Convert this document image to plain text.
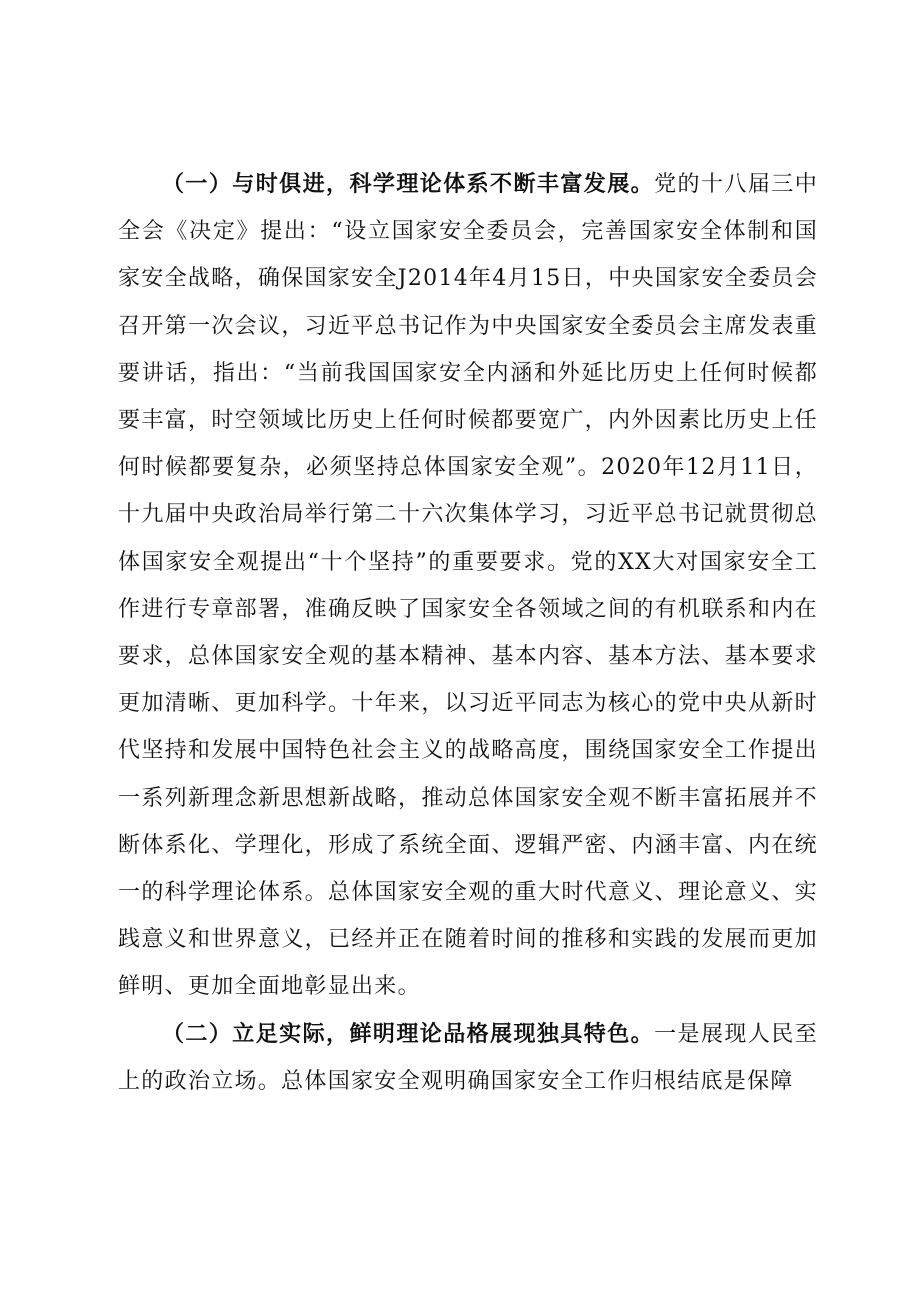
（一）与时俱进，科学理论体系不断丰富发展。党的十八届三中全会《决定》提出：“设立国家安全委员会，完善国家安全体制和国家安全战略，确保国家安全J2014年4月15日，中央国家安全委员会召开第一次会议，习近平总书记作为中央国家安全委员会主席发表重要讲话，指出：“当前我国国家安全内涵和外延比历史上任何时候都要丰富，时空领域比历史上任何时候都要宽广，内外因素比历史上任何时候都要复杂，必须坚持总体国家安全观”。2020年12月11日，十九届中央政治局举行第二十六次集体学习，习近平总书记就贯彻总体国家安全观提出“十个坚持”的重要要求。党的XX大对国家安全工作进行专章部署，准确反映了国家安全各领域之间的有机联系和内在要求，总体国家安全观的基本精神、基本内容、基本方法、基本要求更加清晰、更加科学。十年来，以习近平同志为核心的党中央从新时代坚持和发展中国特色社会主义的战略高度，围绕国家安全工作提出一系列新理念新思想新战略，推动总体国家安全观不断丰富拓展并不断体系化、学理化，形成了系统全面、逻辑严密、内涵丰富、内在统一的科学理论体系。总体国家安全观的重大时代意义、理论意义、实践意义和世界意义，已经并正在随着时间的推移和实践的发展而更加鲜明、更加全面地彰显出来。

（二）立足实际，鲜明理论品格展现独具特色。一是展现人民至上的政治立场。总体国家安全观明确国家安全工作归根结底是保障
